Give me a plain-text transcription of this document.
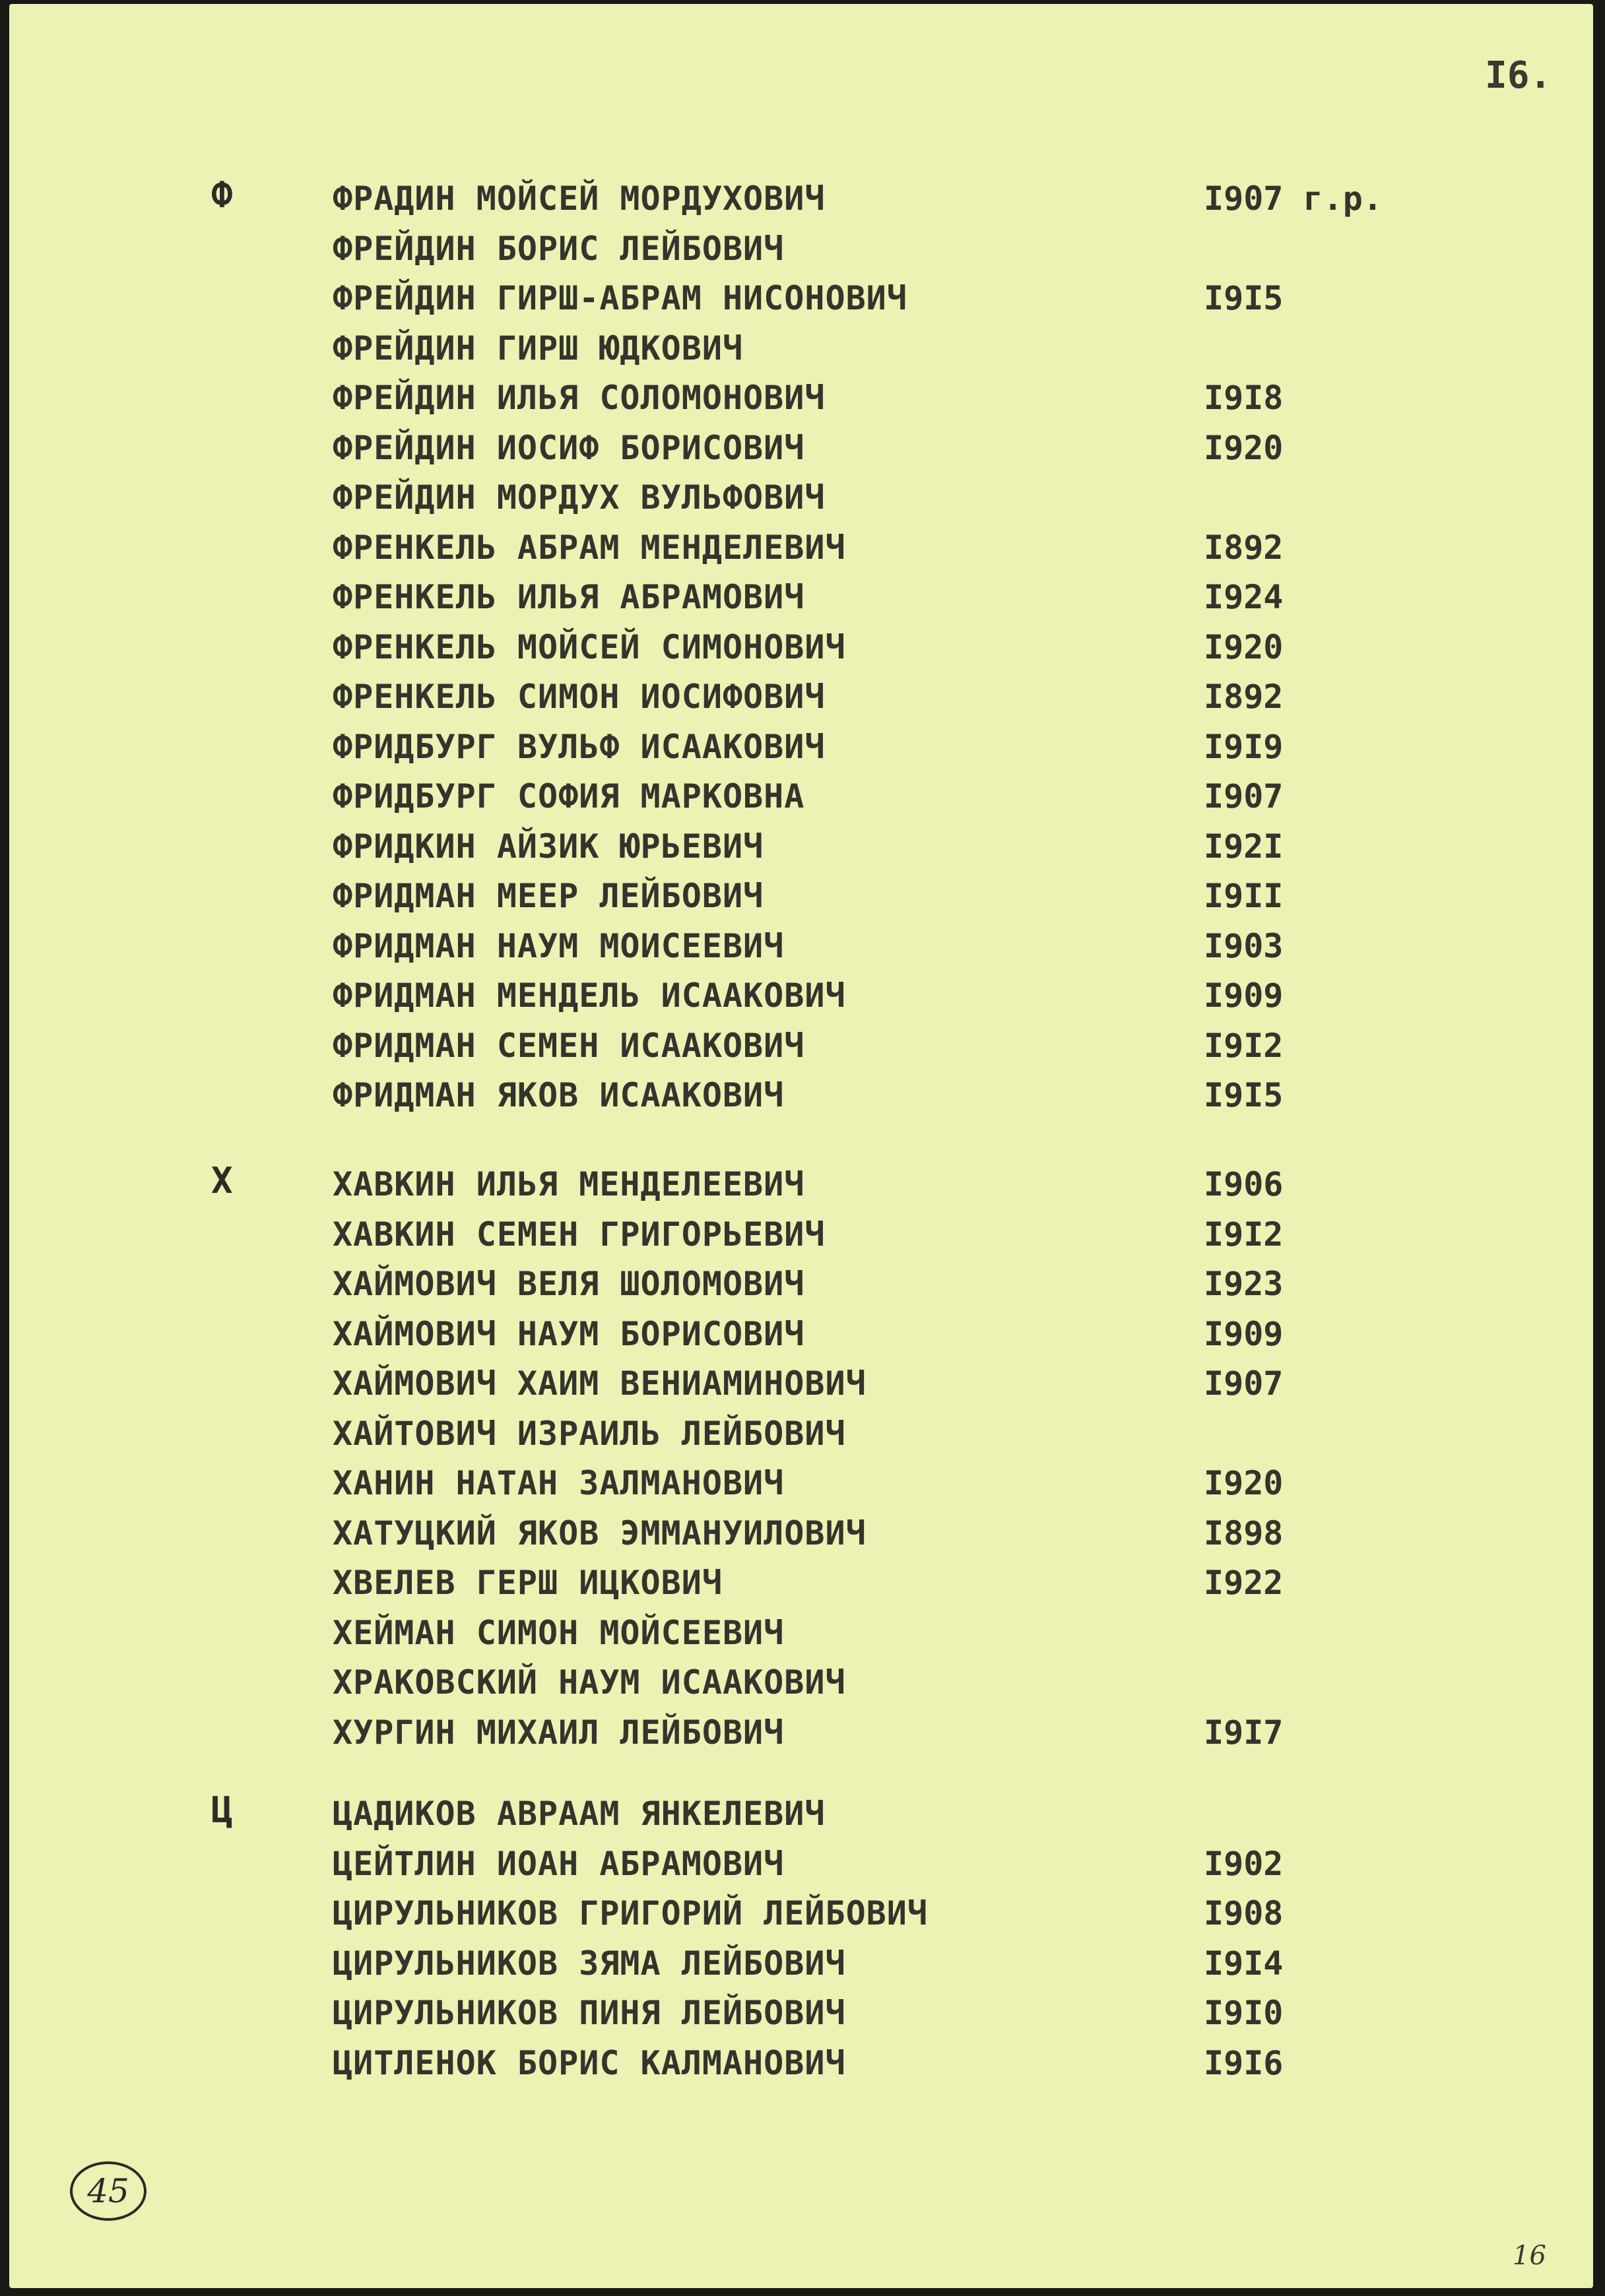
I6.
Ф	ФРАДИН МОЙСЕЙ МОРДУХОВИЧ	I907 г.р.
ФРЕЙДИН БОРИС ЛЕЙБОВИЧ
ФРЕЙДИН ГИРШ-АБРАМ НИСОНОВИЧ	I9I5
ФРЕЙДИН ГИРШ ЮДКОВИЧ
ФРЕЙДИН ИЛЬЯ СОЛОМОНОВИЧ	I9I8
ФРЕЙДИН ИОСИФ БОРИСОВИЧ	I920
ФРЕЙДИН МОРДУХ ВУЛЬФОВИЧ
ФРЕНКЕЛЬ АБРАМ МЕНДЕЛЕВИЧ	I892
ФРЕНКЕЛЬ ИЛЬЯ АБРАМОВИЧ	I924
ФРЕНКЕЛЬ МОЙСЕЙ СИМОНОВИЧ	I920
ФРЕНКЕЛЬ СИМОН ИОСИФОВИЧ	I892
ФРИДБУРГ ВУЛЬФ ИСААКОВИЧ	I9I9
ФРИДБУРГ СОФИЯ МАРКОВНА	I907
ФРИДКИН АЙЗИК ЮРЬЕВИЧ	I92I
ФРИДМАН МЕЕР ЛЕЙБОВИЧ	I9II
ФРИДМАН НАУМ МОИСЕЕВИЧ	I903
ФРИДМАН МЕНДЕЛЬ ИСААКОВИЧ	I909
ФРИДМАН СЕМЕН ИСААКОВИЧ	I9I2
ФРИДМАН ЯКОВ ИСААКОВИЧ	I9I5
Х	ХАВКИН ИЛЬЯ МЕНДЕЛЕЕВИЧ	I906
ХАВКИН СЕМЕН ГРИГОРЬЕВИЧ	I9I2
ХАЙМОВИЧ ВЕЛЯ ШОЛОМОВИЧ	I923
ХАЙМОВИЧ НАУМ БОРИСОВИЧ	I909
ХАЙМОВИЧ ХАИМ ВЕНИАМИНОВИЧ	I907
ХАЙТОВИЧ ИЗРАИЛЬ ЛЕЙБОВИЧ
ХАНИН НАТАН ЗАЛМАНОВИЧ	I920
ХАТУЦКИЙ ЯКОВ ЭММАНУИЛОВИЧ	I898
ХВЕЛЕВ ГЕРШ ИЦКОВИЧ	I922
ХЕЙМАН СИМОН МОЙСЕЕВИЧ
ХРАКОВСКИЙ НАУМ ИСААКОВИЧ
ХУРГИН МИХАИЛ ЛЕЙБОВИЧ	I9I7
Ц	ЦАДИКОВ АВРААМ ЯНКЕЛЕВИЧ
ЦЕЙТЛИН ИОАН АБРАМОВИЧ	I902
ЦИРУЛЬНИКОВ ГРИГОРИЙ ЛЕЙБОВИЧ	I908
ЦИРУЛЬНИКОВ ЗЯМА ЛЕЙБОВИЧ	I9I4
ЦИРУЛЬНИКОВ ПИНЯ ЛЕЙБОВИЧ	I9I0
ЦИТЛЕНОК БОРИС КАЛМАНОВИЧ	I9I6
45
16
